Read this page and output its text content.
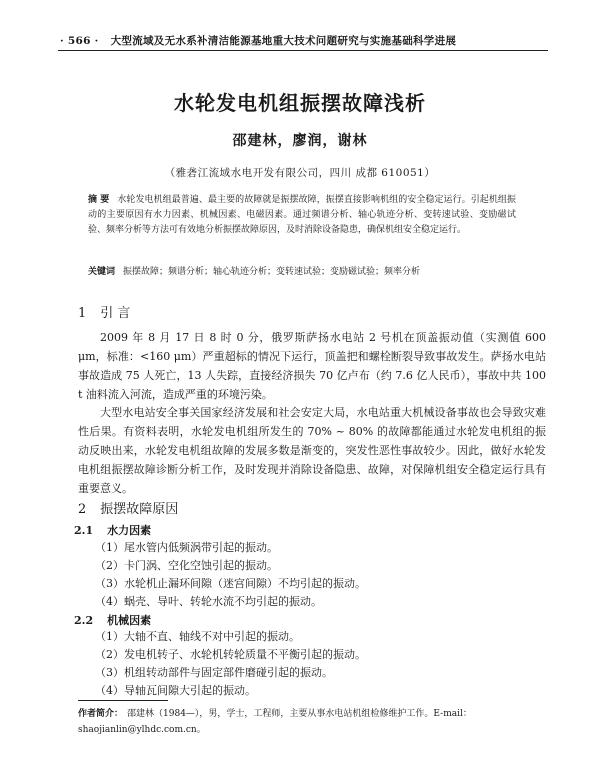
· 566 · 大型流域及无水系补清洁能源基地重大技术问题研究与实施基础科学进展
水轮发电机组振摆故障浅析
邵建林，廖润，谢林
（雅砻江流域水电开发有限公司，四川 成都 610051）
摘 要 水轮发电机组最普遍、最主要的故障就是振摆故障，振摆直接影响机组的安全稳定运行。引起机组振动的主要原因有水力因素、机械因素、电磁因素。通过频谱分析、轴心轨迹分析、变转速试验、变励磁试验、频率分析等方法可有效地分析振摆故障原因，及时消除设备隐患，确保机组安全稳定运行。
关键词 振摆故障；频谱分析；轴心轨迹分析；变转速试验；变励磁试验；频率分析
1 引 言
2009 年 8 月 17 日 8 时 0 分，俄罗斯萨扬水电站 2 号机在顶盖振动值（实测值 600 μm，标准：<160 μm）严重超标的情况下运行，顶盖把和螺栓断裂导致事故发生。萨扬水电站事故造成 75 人死亡，13 人失踪，直接经济损失 70 亿卢布（约 7.6 亿人民币），事故中共 100 t 油料流入河流，造成严重的环境污染。
大型水电站安全事关国家经济发展和社会安定大局，水电站重大机械设备事故也会导致灾难性后果。有资料表明，水轮发电机组所发生的 70% ~ 80% 的故障都能通过水轮发电机组的振动反映出来，水轮发电机组故障的发展多数是渐变的，突发性恶性事故较少。因此，做好水轮发电机组振摆故障诊断分析工作，及时发现并消除设备隐患、故障，对保障机组安全稳定运行具有重要意义。
2 振摆故障原因
2.1 水力因素
（1）尾水管内低频涡带引起的振动。
（2）卡门涡、空化空蚀引起的振动。
（3）水轮机止漏环间隙（迷宫间隙）不均引起的振动。
（4）蜗壳、导叶、转轮水流不均引起的振动。
2.2 机械因素
（1）大轴不直、轴线不对中引起的振动。
（2）发电机转子、水轮机转轮质量不平衡引起的振动。
（3）机组转动部件与固定部件磨碰引起的振动。
（4）导轴瓦间隙大引起的振动。
作者简介： 邵建林（1984—），男，学士，工程师，主要从事水电站机组检修维护工作。E-mail：shaojianlin@ylhdc.com.cn。
